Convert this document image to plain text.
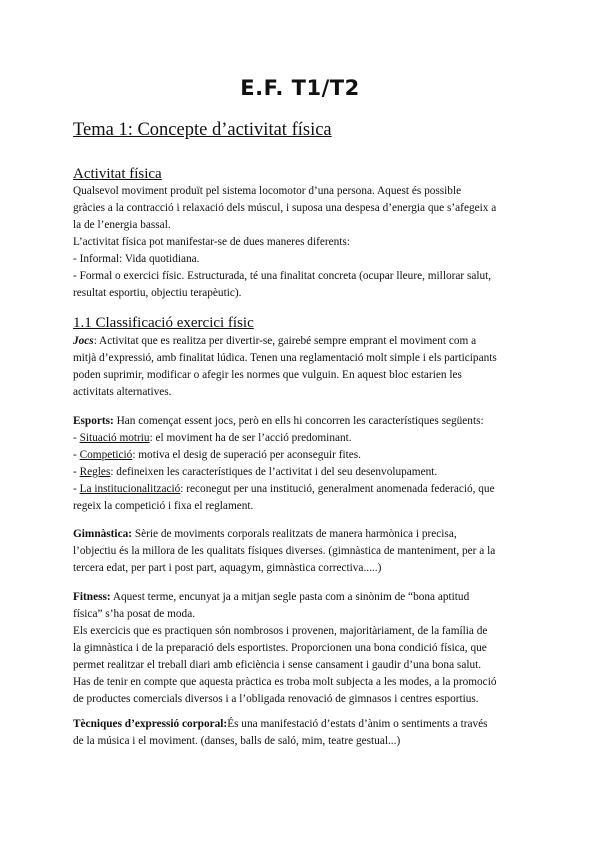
E.F. T1/T2
Tema 1: Concepte d’activitat física
Activitat física
Qualsevol moviment produït pel sistema locomotor d’una persona. Aquest és possible
gràcies a la contracció i relaxació dels múscul, i suposa una despesa d’energia que s’afegeix a
la de l’energia bassal.
L’activitat física pot manifestar-se de dues maneres diferents:
- Informal: Vida quotidiana.
- Formal o exercici físic. Estructurada, té una finalitat concreta (ocupar lleure, millorar salut,
resultat esportiu, objectiu terapèutic).
1.1 Classificació exercici físic
Jocs: Activitat que es realitza per divertir-se, gairebé sempre emprant el moviment com a
mitjà d’expressió, amb finalitat lúdica. Tenen una reglamentació molt simple i els participants
poden suprimir, modificar o afegir les normes que vulguin. En aquest bloc estarien les
activitats alternatives.
Esports: Han començat essent jocs, però en ells hi concorren les característiques següents:
- Situació motriu: el moviment ha de ser l’acció predominant.
- Competició: motiva el desig de superació per aconseguir fites.
- Regles: defineixen les característiques de l’activitat i del seu desenvolupament.
- La institucionalització: reconegut per una institució, generalment anomenada federació, que
regeix la competició i fixa el reglament.
Gimnàstica: Sèrie de moviments corporals realitzats de manera harmònica i precisa,
l’objectiu és la millora de les qualitats físiques diverses. (gimnàstica de manteniment, per a la
tercera edat, per part i post part, aquagym, gimnàstica correctiva.....)
Fitness: Aquest terme, encunyat ja a mitjan segle pasta com a sinònim de “bona aptitud
física” s’ha posat de moda.
Els exercicis que es practiquen són nombrosos i provenen, majoritàriament, de la família de
la gimnàstica i de la preparació dels esportistes. Proporcionen una bona condició física, que
permet realitzar el treball diari amb eficiència i sense cansament i gaudir d’una bona salut.
Has de tenir en compte que aquesta pràctica es troba molt subjecta a les modes, a la promoció
de productes comercials diversos i a l’obligada renovació de gimnasos i centres esportius.
Tècniques d’expressió corporal:És una manifestació d’estats d’ànim o sentiments a través
de la música i el moviment. (danses, balls de saló, mim, teatre gestual...)
